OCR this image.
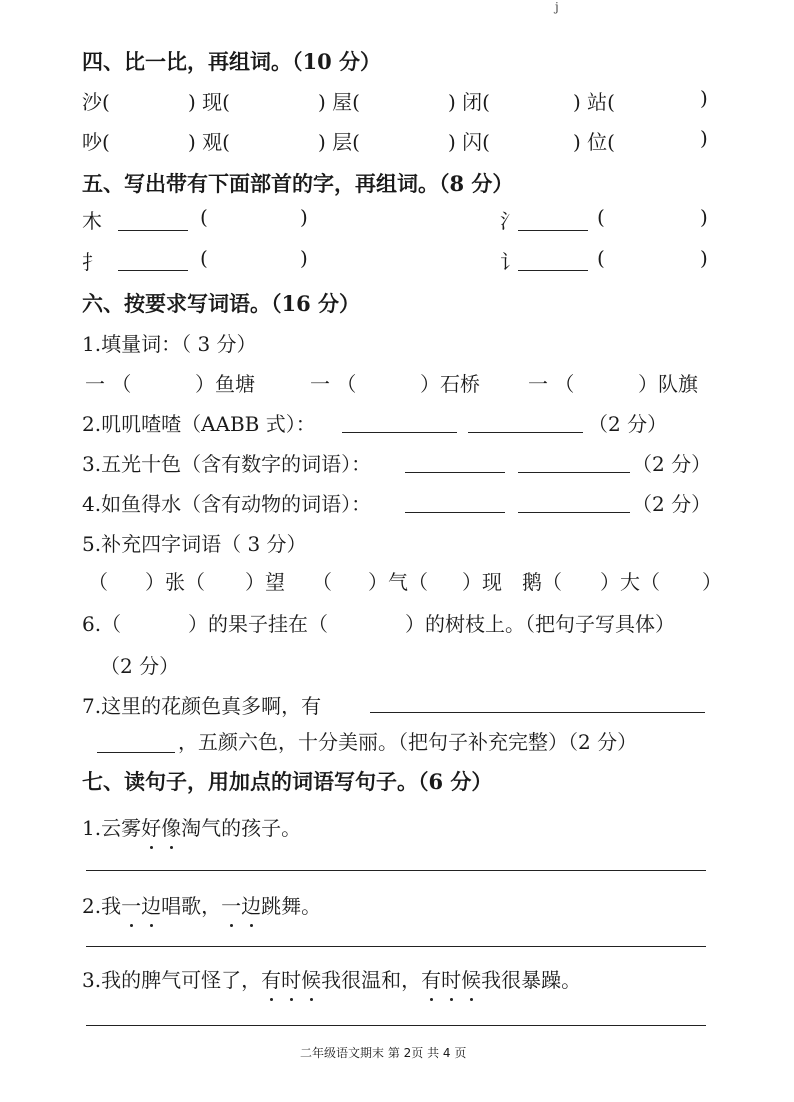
j
四、比一比，再组词。（10 分）
沙(	) 现(	) 屋(	) 闭(	) 站(	)
吵(	) 观(	) 层(	) 闪(	) 位(	)
五、写出带有下面部首的字，再组词。（8 分）
木	(	)	氵	(	)
扌	(	)	讠	(	)
六、按要求写词语。（16 分）
1.填量词：（ 3 分）
一 （	）鱼塘	一 （	）石桥 一 （	）队旗
2.叽叽喳喳（AABB 式）：	（2 分）
3.五光十色（含有数字的词语）：	（2 分）
4.如鱼得水（含有动物的词语）：	（2 分）
5.补充四字词语（ 3 分）
（ ）张（ ）望 （ ）气（ ）现 鹅（ ）大（ ）
6.（	）的果子挂在（	）的树枝上。（把句子写具体）
（2 分）
7.这里的花颜色真多啊，有
，五颜六色，十分美丽。（把句子补充完整）（2 分）
七、读句子，用加点的词语写句子。（6 分）
1.云雾好像淘气的孩子。
2.我一边唱歌，一边跳舞。
3.我的脾气可怪了，有时候我很温和，有时候我很暴躁。
二年级语文期末 第 2页 共 4 页
